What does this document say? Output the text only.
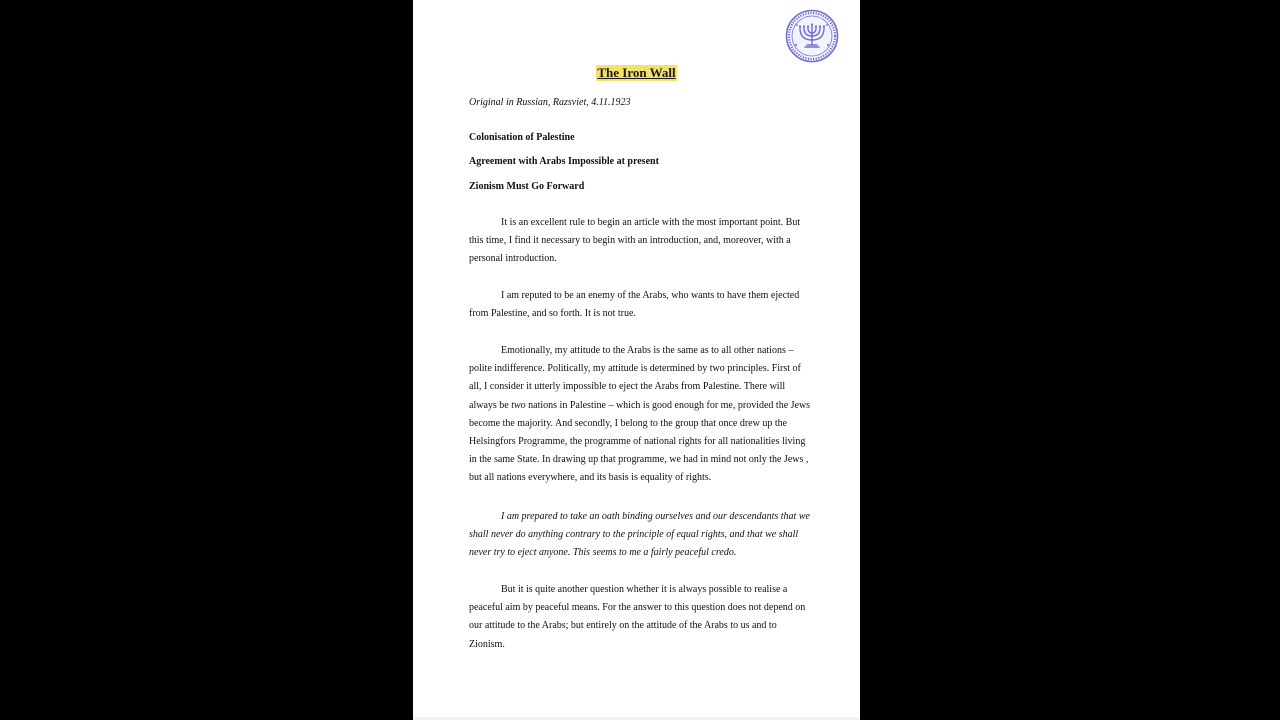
The Iron Wall
Original in Russian, Razsviet, 4.11.1923
Colonisation of Palestine
Agreement with Arabs Impossible at present
Zionism Must Go Forward
It is an excellent rule to begin an article with the most important point. But
this time, I find it necessary to begin with an introduction, and, moreover, with a
personal introduction.
I am reputed to be an enemy of the Arabs, who wants to have them ejected
from Palestine, and so forth. It is not true.
Emotionally, my attitude to the Arabs is the same as to all other nations –
polite indifference. Politically, my attitude is determined by two principles. First of
all, I consider it utterly impossible to eject the Arabs from Palestine. There will
always be two nations in Palestine – which is good enough for me, provided the Jews
become the majority. And secondly, I belong to the group that once drew up the
Helsingfors Programme, the programme of national rights for all nationalities living
in the same State. In drawing up that programme, we had in mind not only the Jews ,
but all nations everywhere, and its basis is equality of rights.
I am prepared to take an oath binding ourselves and our descendants that we
shall never do anything contrary to the principle of equal rights, and that we shall
never try to eject anyone. This seems to me a fairly peaceful credo.
But it is quite another question whether it is always possible to realise a
peaceful aim by peaceful means. For the answer to this question does not depend on
our attitude to the Arabs; but entirely on the attitude of the Arabs to us and to
Zionism.
